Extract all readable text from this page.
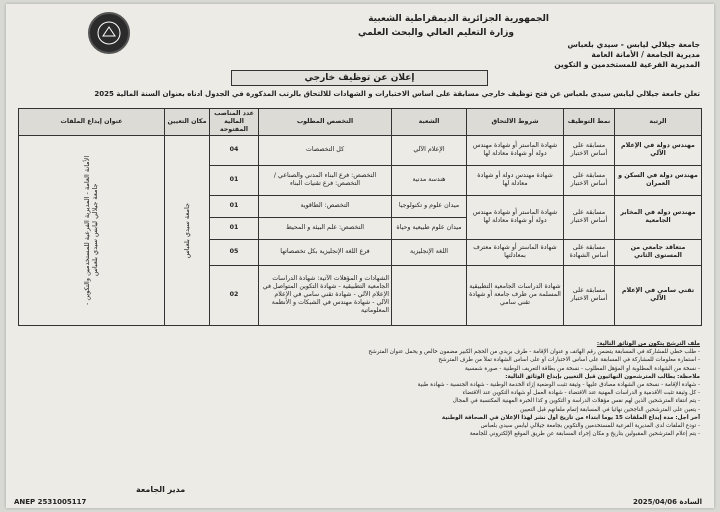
الجمهورية الجزائرية الديمقراطية الشعبية
وزارة التعليم العالي والبحث العلمي
جامعة جيلالي ليابس - سيدي بلعباس
مديرية الجامعة / الأمانة العامة
المديرية الفرعية للمستخدمين و التكوين
إعلان عن توظيف خارجي
تعلن جامعة جيلالي ليابس سيدي بلعباس عن فتح توظيف خارجي مسابقة على أساس الاختبارات و الشهادات للالتحاق بالرتب المذكورة في الجدول أدناه بعنوان السنة المالية 2025
الرتبة	نمط التوظيف	شروط الالتحاق	الشعبة	التخصص المطلوب	عدد المناصب المالية المفتوحة	مكان التعيين	عنوان إيداع الملفات
مهندس دولة في الإعلام الآلي	مسابقة على أساس الاختبار	شهادة الماستر أو شهادة مهندس دولة أو شهادة معادلة لها	الإعلام الآلي	كل التخصصات	04	جامعة سيدي بلعباس	الأمانة العامة - المديرية الفرعية للمستخدمين والتكوين - جامعة جيلالي ليابس سيدي بلعباس

مهندس دولة في السكن و العمران	مسابقة على أساس الاختبار	شهادة مهندس دولة أو شهادة معادلة لها	هندسة مدنية	التخصص: فرع البناء المدني والصناعي / التخصص: فرع تقنيات البناء	01		
مهندس دولة في المخابر الجامعية	مسابقة على أساس الاختبار	شهادة الماستر أو شهادة مهندس دولة أو شهادة معادلة لها	ميدان علوم و تكنولوجيا	التخصص: الطاقوية	01		
			ميدان علوم طبيعية وحياة	التخصص: علم البيئة و المحيط	01		
متعاقد جامعي من المستوى الثاني	مسابقة على أساس الشهادة	شهادة الماستر أو شهادة معترف بمعادلتها	اللغة الإنجليزية	فرع اللغة الإنجليزية بكل تخصصاتها	05		
تقني سامي في الإعلام الآلي	مسابقة على أساس الاختبار	شهادة الدراسات الجامعية التطبيقية المسلمة من طرف جامعة أو شهادة تقني سامي		الشهادات و المؤهلات الآتية: شهادة الدراسات الجامعية التطبيقية - شهادة التكوين المتواصل في الإعلام الآلي - شهادة تقني سامي في الإعلام الآلي - شهادة مهندس في الشبكات و الأنظمة المعلوماتية	02		
ملف الترشح يتكون من الوثائق التالية:
- طلب خطي للمشاركة في المسابقة يتضمن رقم الهاتف و عنوان الإقامة - طرف بريدي من الحجم الكبير مضمون خالص و يحمل عنوان المترشح
- استمارة معلومات للمشاركة في المسابقة على أساس الاختبارات أو على أساس الشهادة تملأ من طرف المترشح
- نسخة من الشهادة المطلوبة أو المؤهل المطلوب - نسخة من بطاقة التعريف الوطنية - صورة شمسية
ملاحظة: يطالب المترشحون النهائيون قبل التعيين بإيداع الوثائق التالية:
- شهادة الإقامة - نسخة من الشهادة مصادق عليها - وثيقة تثبت الوضعية إزاء الخدمة الوطنية - شهادة الجنسية - شهادة طبية
- كل وثيقة تثبت الأقدمية و الدراسات المهنية عند الاقتضاء - شهادة العمل أو شهادة التكوين عند الاقتضاء
- يتم انتقاء المترشحين الذين لهم نفس مؤهلات الدراسة و التكوين و كذا الخبرة المهنية المكتسبة في المجال
- يتعين على المترشحين الناجحين نهائيا في المسابقة إتمام ملفاتهم قبل التعيين
آخر أجل: مدة إيداع الملفات 15 يوما ابتداء من تاريخ أول نشر لهذا الإعلان في الصحافة الوطنية
- تودع الملفات لدى المديرية الفرعية للمستخدمين والتكوين بجامعة جيلالي ليابس سيدي بلعباس
- يتم إعلام المترشحين المقبولين بتاريخ و مكان إجراء المسابقة عن طريق الموقع الإلكتروني للجامعة
مدير الجامعة
السادة 2025/04/06
ANEP 2531005117
